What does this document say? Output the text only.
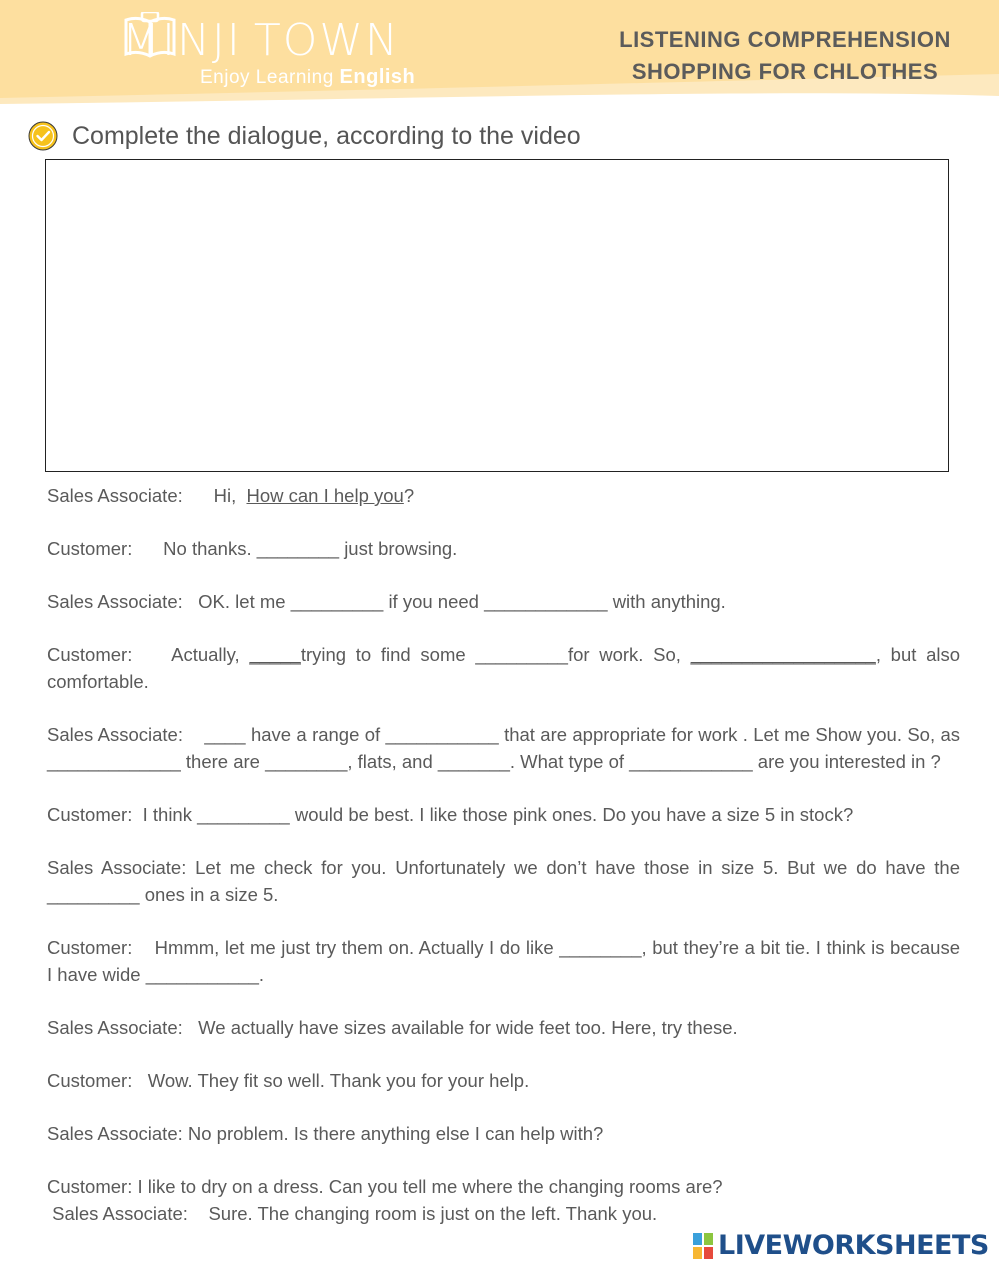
MINJI TOWN
Enjoy Learning English
LISTENING COMPREHENSION
SHOPPING FOR CHLOTHES
Complete the dialogue, according to the video

Sales Associate: Hi,  How can I help you?

Customer: No thanks. ________ just browsing.

Sales Associate: OK. let me _________ if you need ____________ with anything.

Customer: Actually, _____trying to find some _________for work. So, __________________, but also comfortable.

Sales Associate: ____ have a range of ___________ that are appropriate for work . Let me Show you. So, as _____________ there are ________, flats, and _______. What type of ____________ are you interested in ?

Customer: I think _________ would be best. I like those pink ones. Do you have a size 5 in stock?

Sales Associate: Let me check for you. Unfortunately we don’t have those in size 5. But we do have the _________ ones in a size 5.

Customer: Hmmm, let me just try them on. Actually I do like ________, but they’re a bit tie. I think is because I have wide ___________.

Sales Associate: We actually have sizes available for wide feet too. Here, try these.

Customer: Wow. They fit so well. Thank you for your help.

Sales Associate: No problem. Is there anything else I can help with?

Customer: I like to dry on a dress. Can you tell me where the changing rooms are?

Sales Associate: Sure. The changing room is just on the left. Thank you.

LIVEWORKSHEETS
